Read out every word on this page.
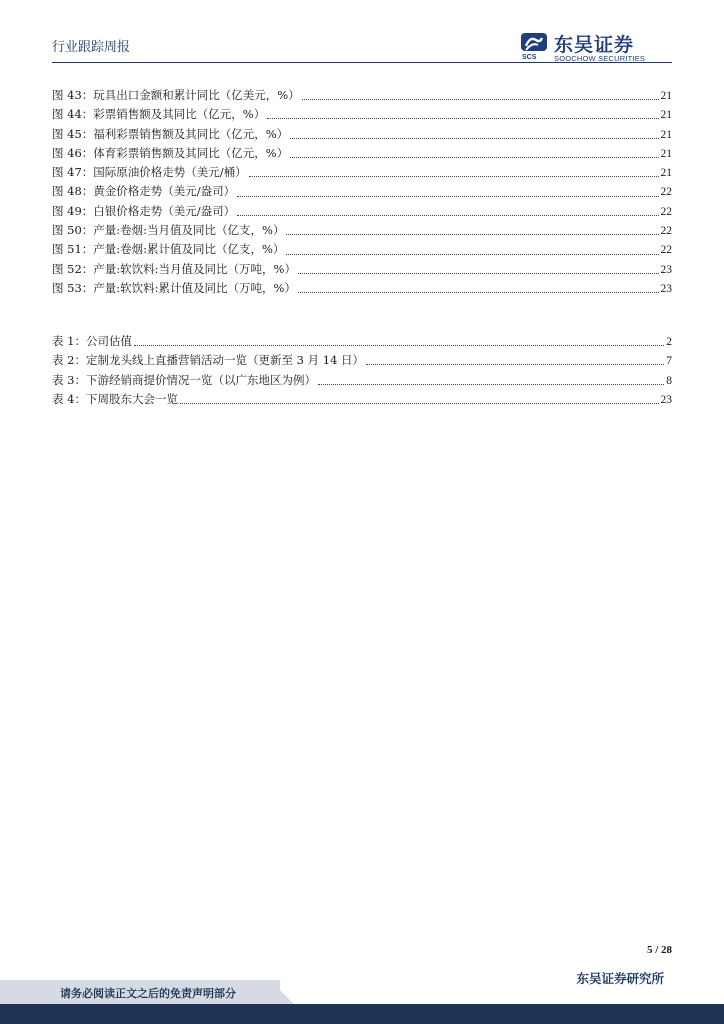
行业跟踪周报
SCS
东吴证券
SOOCHOW SECURITIES
图 43：玩具出口金额和累计同比（亿美元，%）	21
图 44：彩票销售额及其同比（亿元，%）	21
图 45：福利彩票销售额及其同比（亿元，%）	21
图 46：体育彩票销售额及其同比（亿元，%）	21
图 47：国际原油价格走势（美元/桶）	21
图 48：黄金价格走势（美元/盎司）	22
图 49：白银价格走势（美元/盎司）	22
图 50：产量:卷烟:当月值及同比（亿支，%）	22
图 51：产量:卷烟:累计值及同比（亿支，%）	22
图 52：产量:软饮料:当月值及同比（万吨，%）	23
图 53：产量:软饮料:累计值及同比（万吨，%）	23
表 1：公司估值	2
表 2：定制龙头线上直播营销活动一览（更新至 3 月 14 日）	7
表 3：下游经销商提价情况一览（以广东地区为例）	8
表 4：下周股东大会一览	23
5 / 28
东吴证券研究所
请务必阅读正文之后的免责声明部分
